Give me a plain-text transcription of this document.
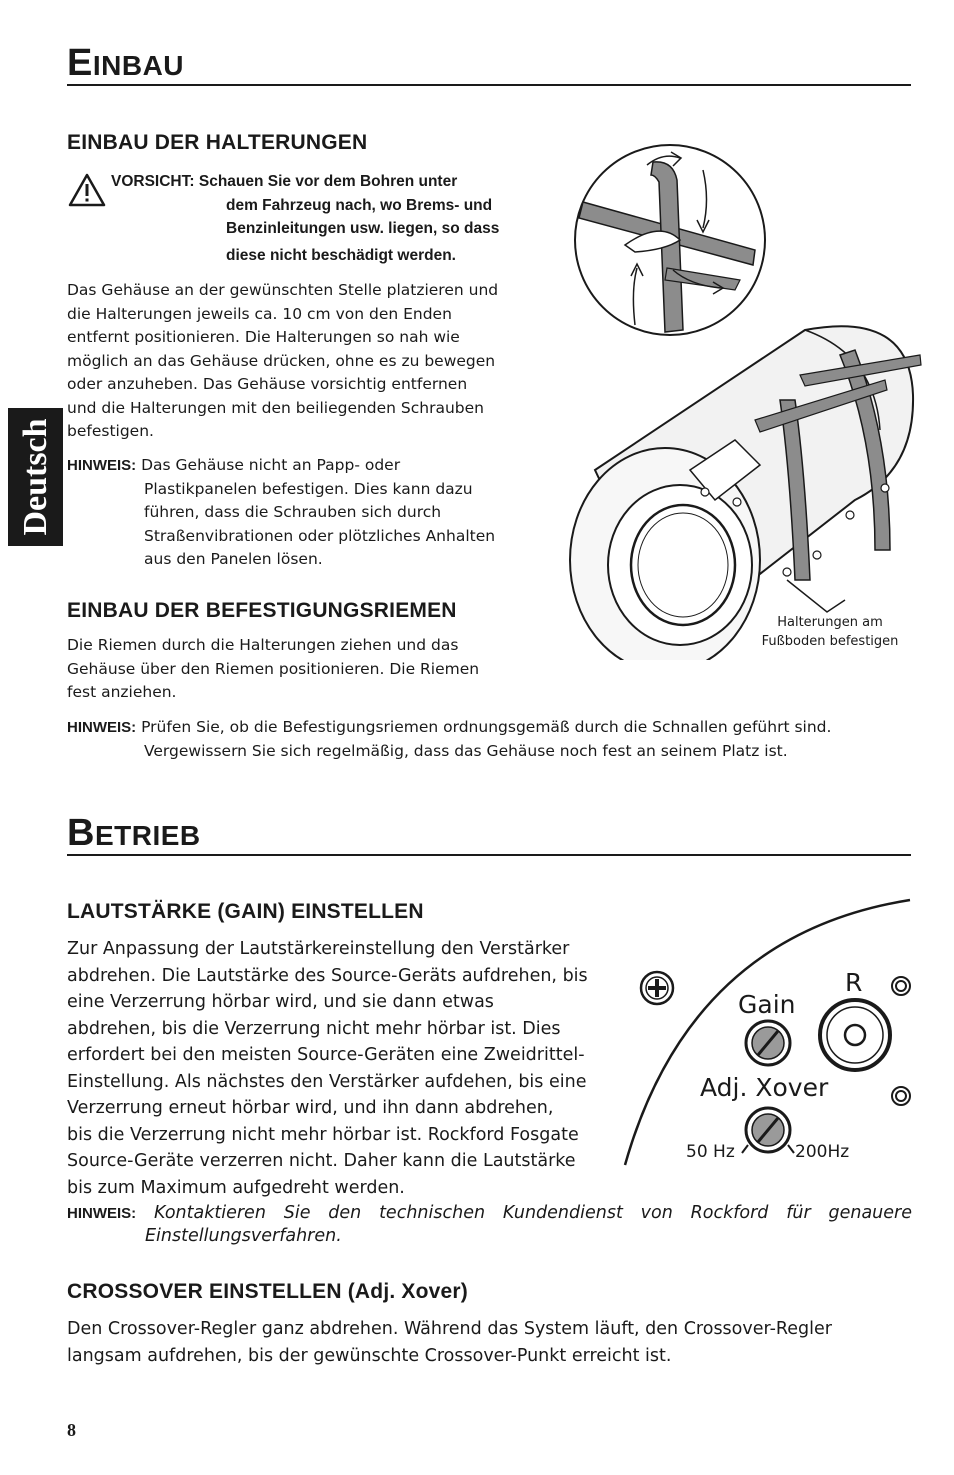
Deutsch
EINBAU
EINBAU DER HALTERUNGEN
VORSICHT: Schauen Sie vor dem Bohren unter
dem Fahrzeug nach, wo Brems- und
Benzinleitungen usw. liegen, so dass
diese nicht beschädigt werden.
Das Gehäuse an der gewünschten Stelle platzieren und
die Halterungen jeweils ca. 10 cm von den Enden
entfernt positionieren. Die Halterungen so nah wie
möglich an das Gehäuse drücken, ohne es zu bewegen
oder anzuheben. Das Gehäuse vorsichtig entfernen
und die Halterungen mit den beiliegenden Schrauben
befestigen.
HINWEIS: Das Gehäuse nicht an Papp- oder
Plastikpanelen befestigen. Dies kann dazu
führen, dass die Schrauben sich durch
Straßenvibrationen oder plötzliches Anhalten
aus den Panelen lösen.
EINBAU DER BEFESTIGUNGSRIEMEN
Die Riemen durch die Halterungen ziehen und das
Gehäuse über den Riemen positionieren. Die Riemen
fest anziehen.
HINWEIS: Prüfen Sie, ob die Befestigungsriemen ordnungsgemäß durch die Schnallen geführt sind.
Vergewissern Sie sich regelmäßig, dass das Gehäuse noch fest an seinem Platz ist.
Halterungen am
Fußboden befestigen
BETRIEB
LAUTSTÄRKE (GAIN) EINSTELLEN
Zur Anpassung der Lautstärkereinstellung den Verstärker
abdrehen. Die Lautstärke des Source-Geräts aufdrehen, bis
eine Verzerrung hörbar wird, und sie dann etwas
abdrehen, bis die Verzerrung nicht mehr hörbar ist. Dies
erfordert bei den meisten Source-Geräten eine Zweidrittel-
Einstellung. Als nächstes den Verstärker aufdehen, bis eine
Verzerrung erneut hörbar wird, und ihn dann abdrehen,
bis die Verzerrung nicht mehr hörbar ist. Rockford Fosgate
Source-Geräte verzerren nicht. Daher kann die Lautstärke
bis zum Maximum aufgedreht werden.
HINWEIS: Kontaktieren Sie den technischen Kundendienst von Rockford für genauere
Einstellungsverfahren.
Gain
R
Adj. Xover
50 Hz	200Hz
CROSSOVER EINSTELLEN (Adj. Xover)
Den Crossover-Regler ganz abdrehen. Während das System läuft, den Crossover-Regler
langsam aufdrehen, bis der gewünschte Crossover-Punkt erreicht ist.
8
